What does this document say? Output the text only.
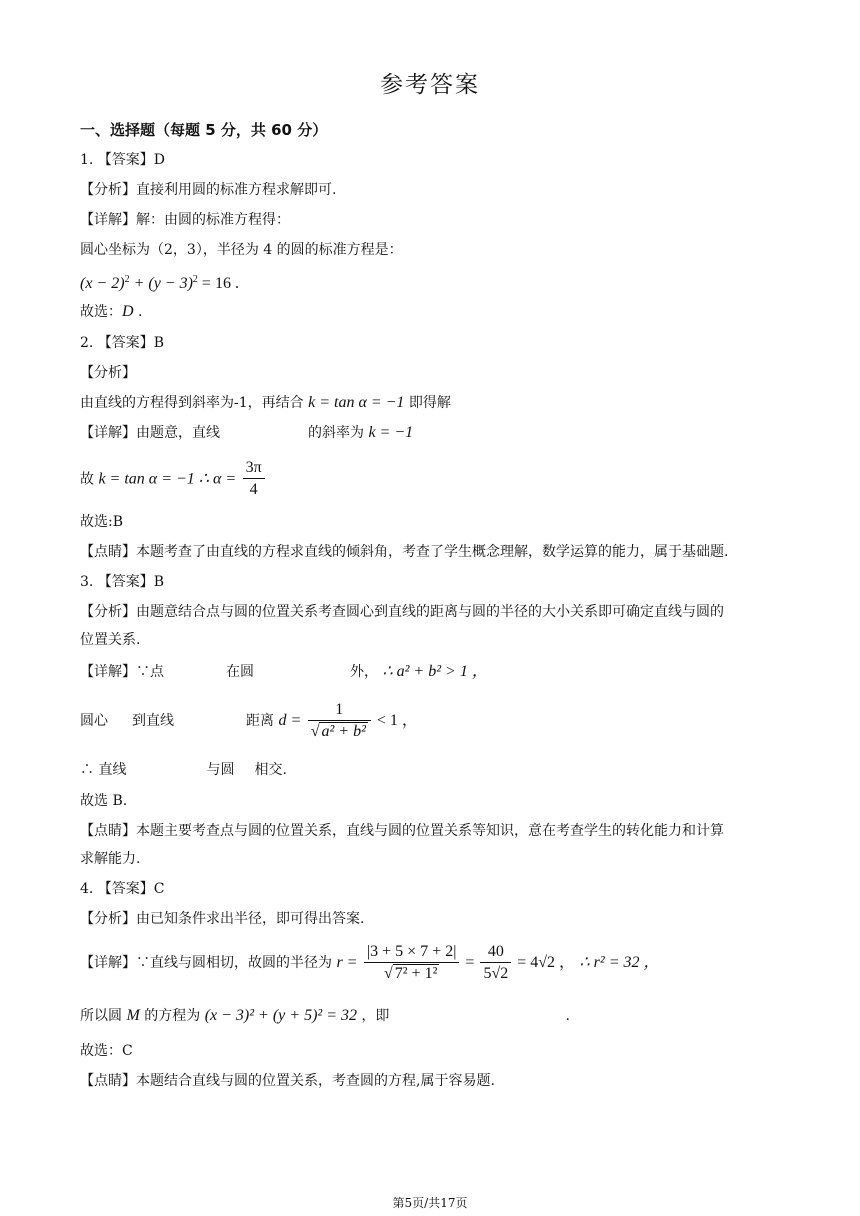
参考答案
一、选择题（每题 5 分，共 60 分）
1. 【答案】D
【分析】直接利用圆的标准方程求解即可.
【详解】解：由圆的标准方程得：
圆心坐标为（2，3），半径为 4 的圆的标准方程是：
$(x - 2)^2 + (y - 3)^2 = 16$ .
故选：D .
2. 【答案】B
【分析】
由直线的方程得到斜率为-1，再结合 k = tan α = −1 即得解
【详解】由题意，直线	的斜率为 k = −1
故 k = tan α = −1 ∴ $\alpha = \frac{3\pi}{4}$
故选:B
【点睛】本题考查了由直线的方程求直线的倾斜角，考查了学生概念理解，数学运算的能力，属于基础题.
3. 【答案】B
【分析】由题意结合点与圆的位置关系考查圆心到直线的距离与圆的半径的大小关系即可确定直线与圆的
位置关系.
【详解】∵点	在圆	外， ∴ a² + b² > 1 ，
圆心 到直线	距离 $d = \frac{1}{\text{√ a² + b²}} < 1$ ，
∴ 直线	与圆 相交.
故选 B.
【点睛】本题主要考查点与圆的位置关系，直线与圆的位置关系等知识，意在考查学生的转化能力和计算
求解能力.
4. 【答案】C
【分析】由已知条件求出半径，即可得出答案.
【详解】∵直线与圆相切，故圆的半径为 $r = \frac{|3 + 5 \times 7 + 2|}{\text{√ 7² + 1²}} = \frac{40}{5√2} = 4√2$ ， ∴ r² = 32 ，
所以圆 M 的方程为 (x − 3)² + (y + 5)² = 32 ，即	.
故选：C
【点睛】本题结合直线与圆的位置关系，考查圆的方程,属于容易题.
第5页/共17页
